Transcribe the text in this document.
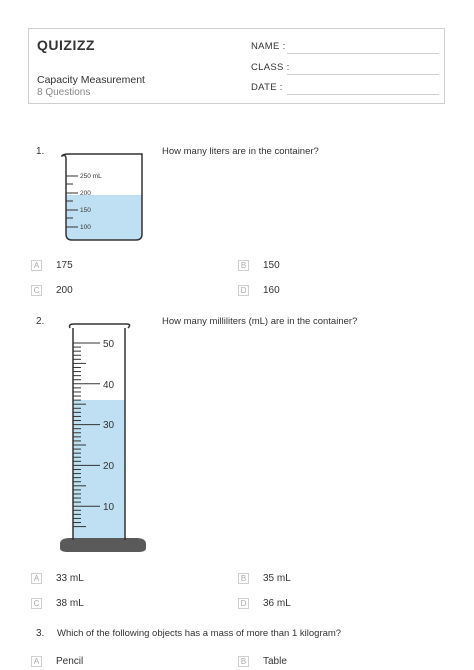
QUIZIZZ
Capacity Measurement
8 Questions
NAME :
CLASS :
DATE :
1.	How many liters are in the container?
250 mL
200
150
100
A 175	B 150
C 200	D 160
2.	How many milliliters (mL) are in the container?
50
40
30
20
10
A 33 mL	B 35 mL
C 38 mL	D 36 mL
3. Which of the following objects has a mass of more than 1 kilogram?
A Pencil	B Table
